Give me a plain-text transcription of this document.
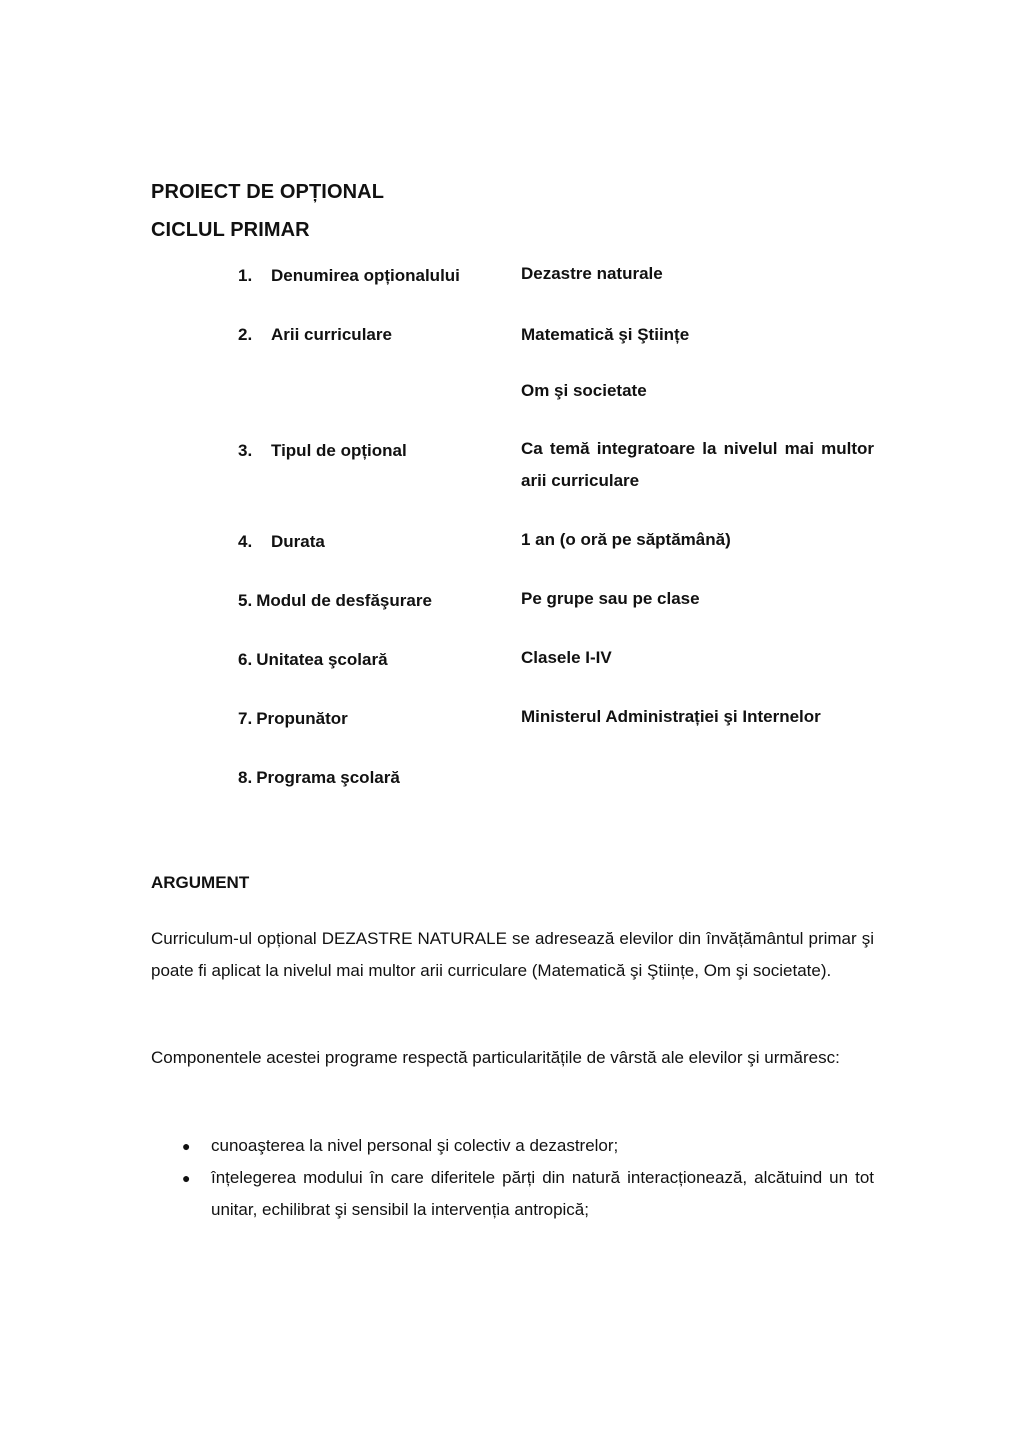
PROIECT DE OPȚIONAL
CICLUL PRIMAR
1. Denumirea opționalului	Dezastre naturale
2. Arii curriculare	Matematică şi Ştiințe
Om şi societate
3. Tipul de opțional	Ca temă integratoare la nivelul mai multor arii curriculare
4. Durata	1 an (o oră pe săptămână)
5. Modul de desfăşurare	Pe grupe sau pe clase
6. Unitatea şcolară	Clasele I-IV
7. Propunător	Ministerul Administrației şi Internelor
8. Programa şcolară
ARGUMENT
Curriculum-ul opțional DEZASTRE NATURALE se adresează elevilor din învățământul primar şi poate fi aplicat la nivelul mai multor arii curriculare (Matematică şi Ştiințe, Om şi societate).
Componentele acestei programe respectă particularitățile de vârstă ale elevilor şi urmăresc:
● cunoaşterea la nivel personal şi colectiv a dezastrelor;
● înțelegerea modului în care diferitele părți din natură interacționează, alcătuind un tot unitar, echilibrat şi sensibil la intervenția antropică;
